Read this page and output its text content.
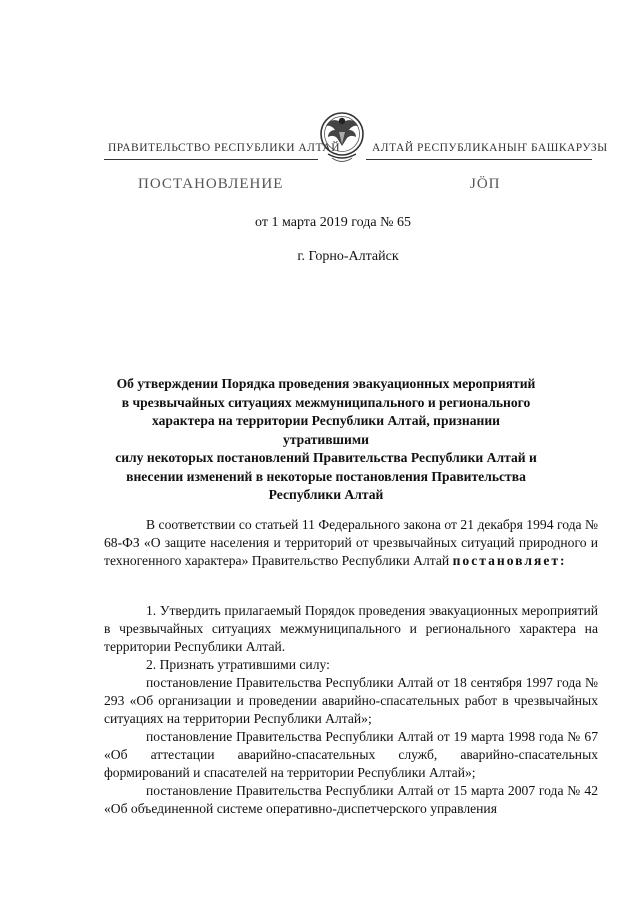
ПРАВИТЕЛЬСТВО РЕСПУБЛИКИ АЛТАЙ	АЛТАЙ РЕСПУБЛИКАНЫҤ БАШКАРУЗЫ
ПОСТАНОВЛЕНИЕ	JÖП
от 1 марта 2019 года № 65
г. Горно-Алтайск
Об утверждении Порядка проведения эвакуационных мероприятий
в чрезвычайных ситуациях межмуниципального и регионального
характера на территории Республики Алтай, признании утратившими
силу некоторых постановлений Правительства Республики Алтай и
внесении изменений в некоторые постановления Правительства
Республики Алтай

В соответствии со статьей 11 Федерального закона от 21 декабря 1994 года № 68-ФЗ «О защите населения и территорий от чрезвычайных ситуаций природного и техногенного характера» Правительство Республики Алтай постановляет:

1. Утвердить прилагаемый Порядок проведения эвакуационных мероприятий в чрезвычайных ситуациях межмуниципального и регионального характера на территории Республики Алтай.

2. Признать утратившими силу:

постановление Правительства Республики Алтай от 18 сентября 1997 года № 293 «Об организации и проведении аварийно-спасательных работ в чрезвычайных ситуациях на территории Республики Алтай»;

постановление Правительства Республики Алтай от 19 марта 1998 года № 67 «Об аттестации аварийно-спасательных служб, аварийно-спасательных формирований и спасателей на территории Республики Алтай»;

постановление Правительства Республики Алтай от 15 марта 2007 года № 42 «Об объединенной системе оперативно-диспетчерского управления
